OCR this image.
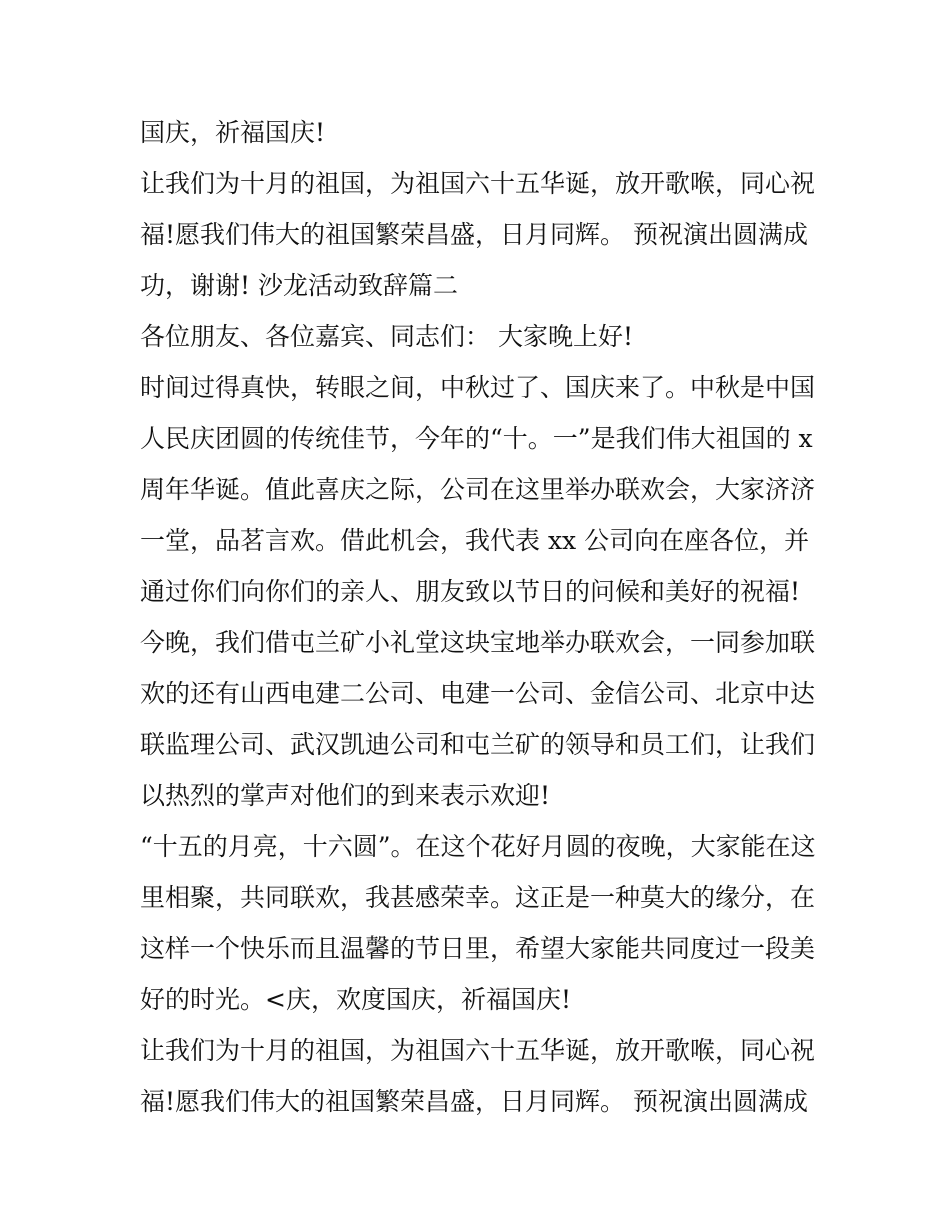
国庆，祈福国庆!
让我们为十月的祖国，为祖国六十五华诞，放开歌喉，同心祝
福!愿我们伟大的祖国繁荣昌盛，日月同辉。 预祝演出圆满成
功，谢谢! 沙龙活动致辞篇二
各位朋友、各位嘉宾、同志们： 大家晚上好!
时间过得真快，转眼之间，中秋过了、国庆来了。中秋是中国
人民庆团圆的传统佳节，今年的“十。一”是我们伟大祖国的 x
周年华诞。值此喜庆之际，公司在这里举办联欢会，大家济济
一堂，品茗言欢。借此机会，我代表 xx 公司向在座各位，并
通过你们向你们的亲人、朋友致以节日的问候和美好的祝福!
今晚，我们借屯兰矿小礼堂这块宝地举办联欢会，一同参加联
欢的还有山西电建二公司、电建一公司、金信公司、北京中达
联监理公司、武汉凯迪公司和屯兰矿的领导和员工们，让我们
以热烈的掌声对他们的到来表示欢迎!
“十五的月亮，十六圆”。在这个花好月圆的夜晚，大家能在这
里相聚，共同联欢，我甚感荣幸。这正是一种莫大的缘分，在
这样一个快乐而且温馨的节日里，希望大家能共同度过一段美
好的时光。<庆，欢度国庆，祈福国庆!
让我们为十月的祖国，为祖国六十五华诞，放开歌喉，同心祝
福!愿我们伟大的祖国繁荣昌盛，日月同辉。 预祝演出圆满成
